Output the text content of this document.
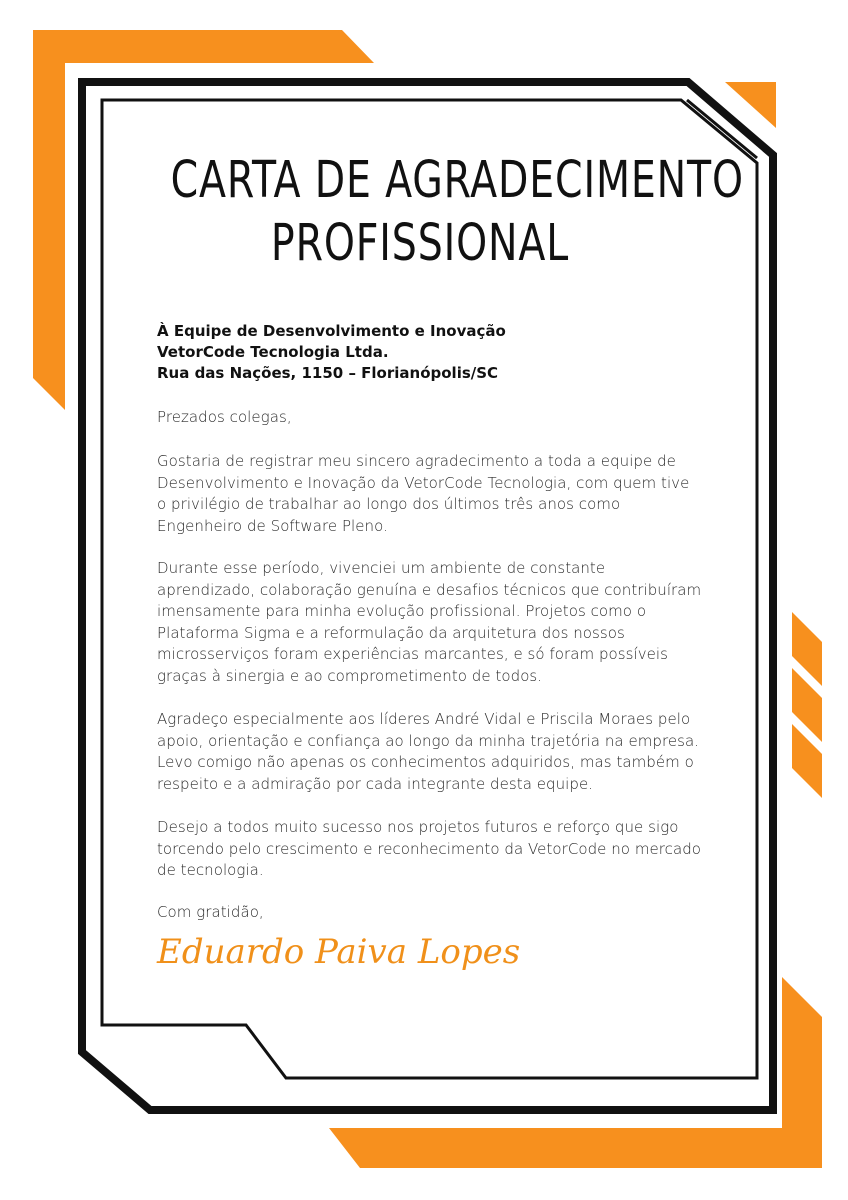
CARTA DE AGRADECIMENTO
PROFISSIONAL
À Equipe de Desenvolvimento e Inovação
VetorCode Tecnologia Ltda.
Rua das Nações, 1150 – Florianópolis/SC

Prezados colegas,

Gostaria de registrar meu sincero agradecimento a toda a equipe de Desenvolvimento e Inovação da VetorCode Tecnologia, com quem tive o privilégio de trabalhar ao longo dos últimos três anos como Engenheiro de Software Pleno.

Durante esse período, vivenciei um ambiente de constante aprendizado, colaboração genuína e desafios técnicos que contribuíram imensamente para minha evolução profissional. Projetos como o Plataforma Sigma e a reformulação da arquitetura dos nossos microsserviços foram experiências marcantes, e só foram possíveis graças à sinergia e ao comprometimento de todos.

Agradeço especialmente aos líderes André Vidal e Priscila Moraes pelo apoio, orientação e confiança ao longo da minha trajetória na empresa. Levo comigo não apenas os conhecimentos adquiridos, mas também o respeito e a admiração por cada integrante desta equipe.

Desejo a todos muito sucesso nos projetos futuros e reforço que sigo torcendo pelo crescimento e reconhecimento da VetorCode no mercado de tecnologia.

Com gratidão,

Eduardo Paiva Lopes
